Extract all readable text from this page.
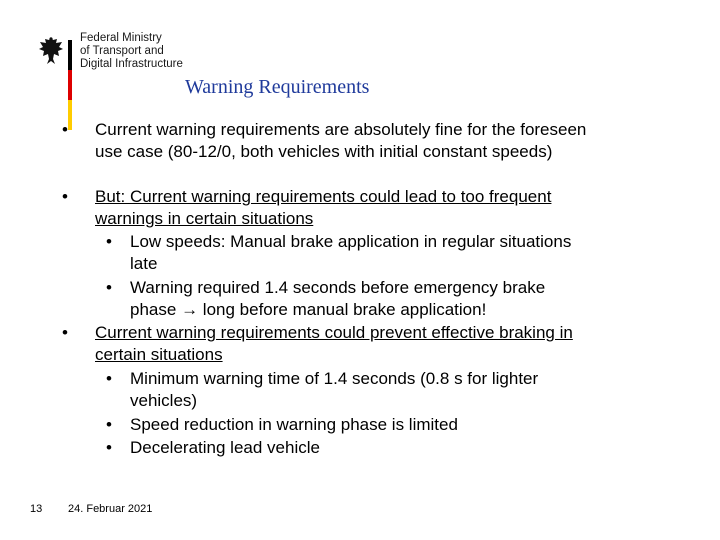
Federal Ministry
of Transport and
Digital Infrastructure
Warning Requirements
• Current warning requirements are absolutely fine for the foreseen
use case (80-12/0, both vehicles with initial constant speeds)
• But: Current warning requirements could lead to too frequent
warnings in certain situations
• Low speeds: Manual brake application in regular situations
late
• Warning required 1.4 seconds before emergency brake
phase → long before manual brake application!
• Current warning requirements could prevent effective braking in
certain situations
• Minimum warning time of 1.4 seconds (0.8 s for lighter
vehicles)
• Speed reduction in warning phase is limited
• Decelerating lead vehicle
13 24. Februar 2021
